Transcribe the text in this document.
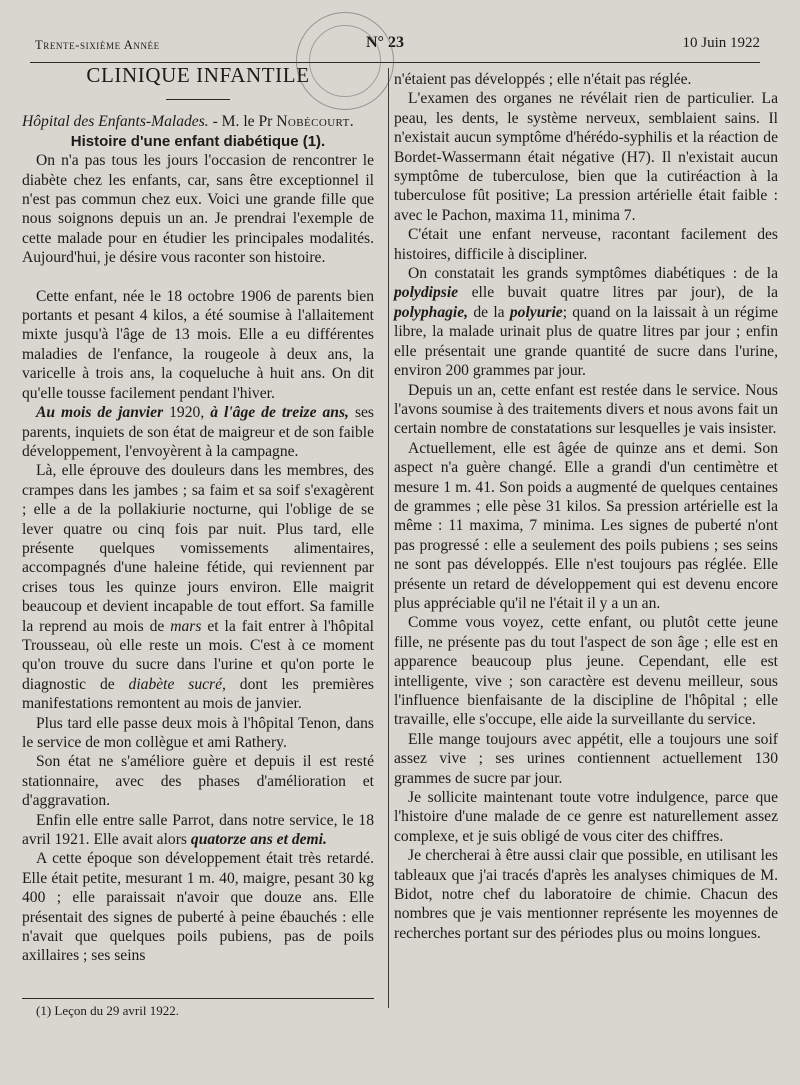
Trente-sixième Année	N° 23	10 Juin 1922

CLINIQUE INFANTILE

Hôpital des Enfants-Malades. - M. le Pr Nobécourt.

Histoire d'une enfant diabétique (1).

On n'a pas tous les jours l'occasion de rencontrer le diabète chez les enfants, car, sans être exceptionnel il n'est pas commun chez eux. Voici une grande fille que nous soignons depuis un an. Je prendrai l'exemple de cette malade pour en étudier les principales modalités. Aujourd'hui, je désire vous raconter son histoire.

Cette enfant, née le 18 octobre 1906 de parents bien portants et pesant 4 kilos, a été soumise à l'allaitement mixte jusqu'à l'âge de 13 mois. Elle a eu différentes maladies de l'enfance, la rougeole à deux ans, la varicelle à trois ans, la coqueluche à huit ans. On dit qu'elle tousse facilement pendant l'hiver.

Au mois de janvier 1920, à l'âge de treize ans, ses parents, inquiets de son état de maigreur et de son faible développement, l'envoyèrent à la campagne.

Là, elle éprouve des douleurs dans les membres, des crampes dans les jambes ; sa faim et sa soif s'exagèrent ; elle a de la pollakiurie nocturne, qui l'oblige de se lever quatre ou cinq fois par nuit. Plus tard, elle présente quelques vomissements alimentaires, accompagnés d'une haleine fétide, qui reviennent par crises tous les quinze jours environ. Elle maigrit beaucoup et devient incapable de tout effort. Sa famille la reprend au mois de mars et la fait entrer à l'hôpital Trousseau, où elle reste un mois. C'est à ce moment qu'on trouve du sucre dans l'urine et qu'on porte le diagnostic de diabète sucré, dont les premières manifestations remontent au mois de janvier.

Plus tard elle passe deux mois à l'hôpital Tenon, dans le service de mon collègue et ami Rathery.

Son état ne s'améliore guère et depuis il est resté stationnaire, avec des phases d'amélioration et d'aggravation.

Enfin elle entre salle Parrot, dans notre service, le 18 avril 1921. Elle avait alors quatorze ans et demi.

A cette époque son développement était très retardé. Elle était petite, mesurant 1 m. 40, maigre, pesant 30 kg 400 ; elle paraissait n'avoir que douze ans. Elle présentait des signes de puberté à peine ébauchés : elle n'avait que quelques poils pubiens, pas de poils axillaires ; ses seins

(1) Leçon du 29 avril 1922.

n'étaient pas développés ; elle n'était pas réglée.

L'examen des organes ne révélait rien de particulier. La peau, les dents, le système nerveux, semblaient sains. Il n'existait aucun symptôme d'hérédo-syphilis et la réaction de Bordet-Wassermann était négative (H7). Il n'existait aucun symptôme de tuberculose, bien que la cutiréaction à la tuberculose fût positive; La pression artérielle était faible : avec le Pachon, maxima 11, minima 7.

C'était une enfant nerveuse, racontant facilement des histoires, difficile à discipliner.

On constatait les grands symptômes diabétiques : de la polydipsie elle buvait quatre litres par jour), de la polyphagie, de la polyurie; quand on la laissait à un régime libre, la malade urinait plus de quatre litres par jour ; enfin elle présentait une grande quantité de sucre dans l'urine, environ 200 grammes par jour.

Depuis un an, cette enfant est restée dans le service. Nous l'avons soumise à des traitements divers et nous avons fait un certain nombre de constatations sur lesquelles je vais insister.

Actuellement, elle est âgée de quinze ans et demi. Son aspect n'a guère changé. Elle a grandi d'un centimètre et mesure 1 m. 41. Son poids a augmenté de quelques centaines de grammes ; elle pèse 31 kilos. Sa pression artérielle est la même : 11 maxima, 7 minima. Les signes de puberté n'ont pas progressé : elle a seulement des poils pubiens ; ses seins ne sont pas développés. Elle n'est toujours pas réglée. Elle présente un retard de développement qui est devenu encore plus appréciable qu'il ne l'était il y a un an.

Comme vous voyez, cette enfant, ou plutôt cette jeune fille, ne présente pas du tout l'aspect de son âge ; elle est en apparence beaucoup plus jeune. Cependant, elle est intelligente, vive ; son caractère est devenu meilleur, sous l'influence bienfaisante de la discipline de l'hôpital ; elle travaille, elle s'occupe, elle aide la surveillante du service.

Elle mange toujours avec appétit, elle a toujours une soif assez vive ; ses urines contiennent actuellement 130 grammes de sucre par jour.

Je sollicite maintenant toute votre indulgence, parce que l'histoire d'une malade de ce genre est naturellement assez complexe, et je suis obligé de vous citer des chiffres.

Je chercherai à être aussi clair que possible, en utilisant les tableaux que j'ai tracés d'après les analyses chimiques de M. Bidot, notre chef du laboratoire de chimie. Chacun des nombres que je vais mentionner représente les moyennes de recherches portant sur des périodes plus ou moins longues.
